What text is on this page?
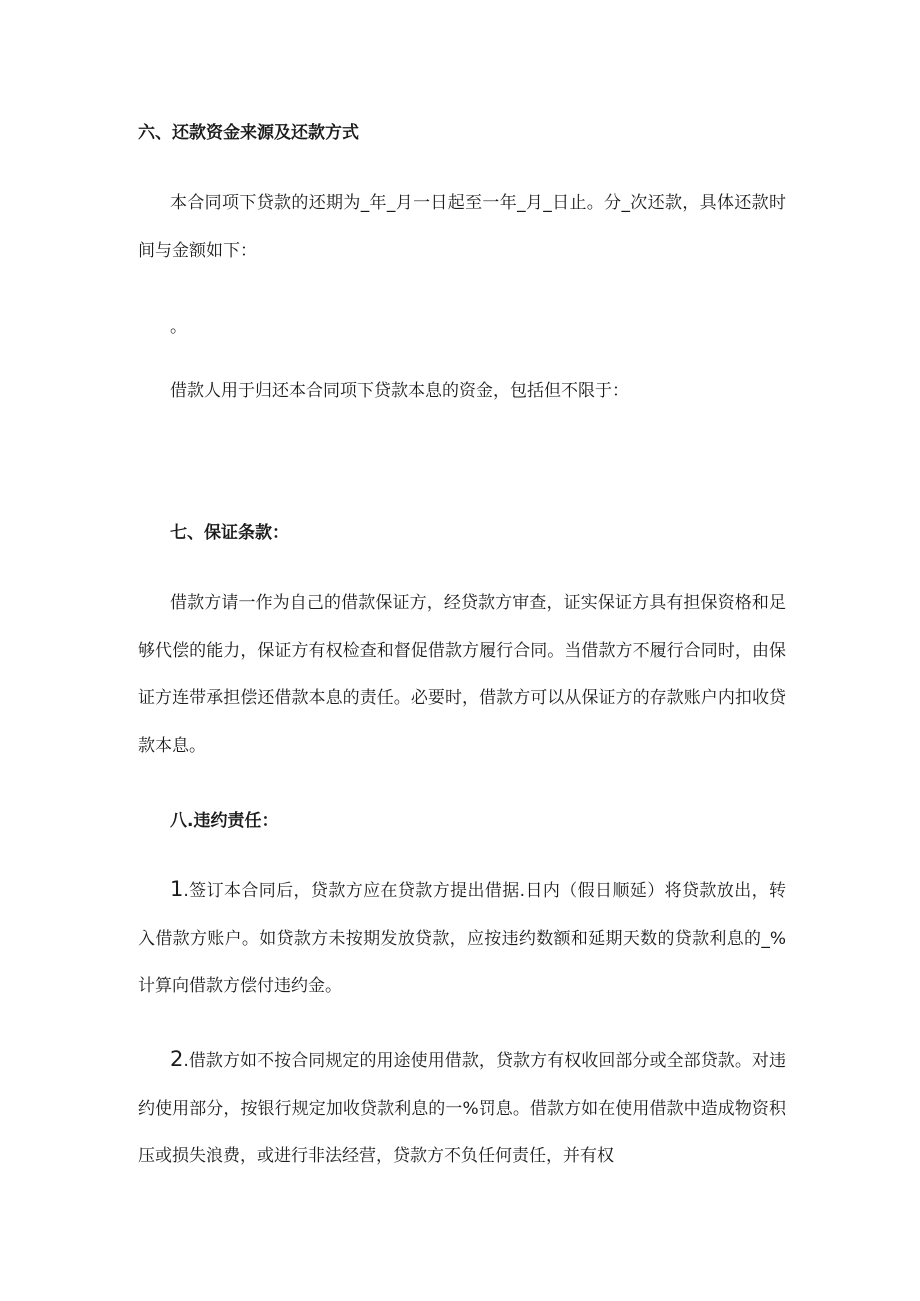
六、还款资金来源及还款方式

本合同项下贷款的还期为_年_月一日起至一年_月_日止。分_次还款，具体还款时间与金额如下：

。

借款人用于归还本合同项下贷款本息的资金，包括但不限于：

七、保证条款：

借款方请一作为自己的借款保证方，经贷款方审查，证实保证方具有担保资格和足够代偿的能力，保证方有权检查和督促借款方履行合同。当借款方不履行合同时，由保证方连带承担偿还借款本息的责任。必要时，借款方可以从保证方的存款账户内扣收贷款本息。

八.违约责任：

1.签订本合同后，贷款方应在贷款方提出借据.日内（假日顺延）将贷款放出，转入借款方账户。如贷款方未按期发放贷款，应按违约数额和延期天数的贷款利息的_%计算向借款方偿付违约金。

2.借款方如不按合同规定的用途使用借款，贷款方有权收回部分或全部贷款。对违约使用部分，按银行规定加收贷款利息的一%罚息。借款方如在使用借款中造成物资积压或损失浪费，或进行非法经营，贷款方不负任何责任，并有权
